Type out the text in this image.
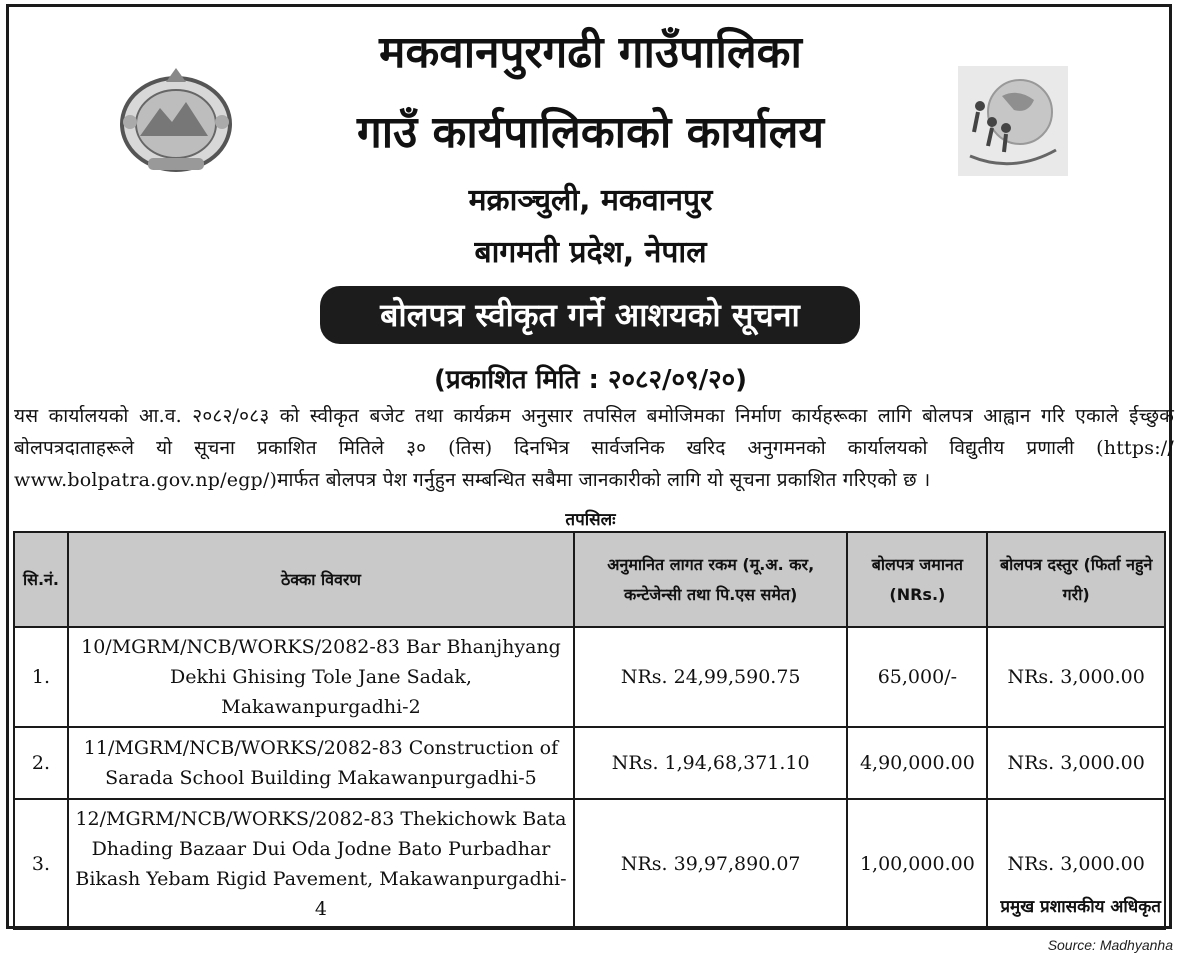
मकवानपुरगढी गाउँपालिका
गाउँ कार्यपालिकाको कार्यालय
मक्राञ्चुली, मकवानपुर
बागमती प्रदेश, नेपाल
बोलपत्र स्वीकृत गर्ने आशयको सूचना
(प्रकाशित मिति : २०८२/०९/२०)
यस कार्यालयको आ.व. २०८२/०८३ को स्वीकृत बजेट तथा कार्यक्रम अनुसार तपसिल बमोजिमका निर्माण कार्यहरूका लागि बोलपत्र आह्वान गरि एकाले ईच्छुक बोलपत्रदाताहरूले यो सूचना प्रकाशित मितिले ३० (तिस) दिनभित्र सार्वजनिक खरिद अनुगमनको कार्यालयको विद्युतीय प्रणाली (https:// www.bolpatra.gov.np/egp/)मार्फत बोलपत्र पेश गर्नुहुन सम्बन्धित सबैमा जानकारीको लागि यो सूचना प्रकाशित गरिएको छ ।
तपसिलः
सि.नं.	ठेक्का विवरण	अनुमानित लागत रकम (मू.अ. कर, कन्टेजेन्सी तथा पि.एस समेत)	बोलपत्र जमानत (NRs.)	बोलपत्र दस्तुर (फिर्ता नहुने गरी)
1.	10/MGRM/NCB/WORKS/2082-83 Bar Bhanjhyang Dekhi Ghising Tole Jane Sadak, Makawanpurgadhi-2	NRs. 24,99,590.75	65,000/-	NRs. 3,000.00
2.	11/MGRM/NCB/WORKS/2082-83 Construction of Sarada School Building Makawanpurgadhi-5	NRs. 1,94,68,371.10	4,90,000.00	NRs. 3,000.00
3.	12/MGRM/NCB/WORKS/2082-83 Thekichowk Bata Dhading Bazaar Dui Oda Jodne Bato Purbadhar Bikash Yebam Rigid Pavement, Makawanpurgadhi- 4	NRs. 39,97,890.07	1,00,000.00	NRs. 3,000.00
प्रमुख प्रशासकीय अधिकृत
Source: Madhyanha
